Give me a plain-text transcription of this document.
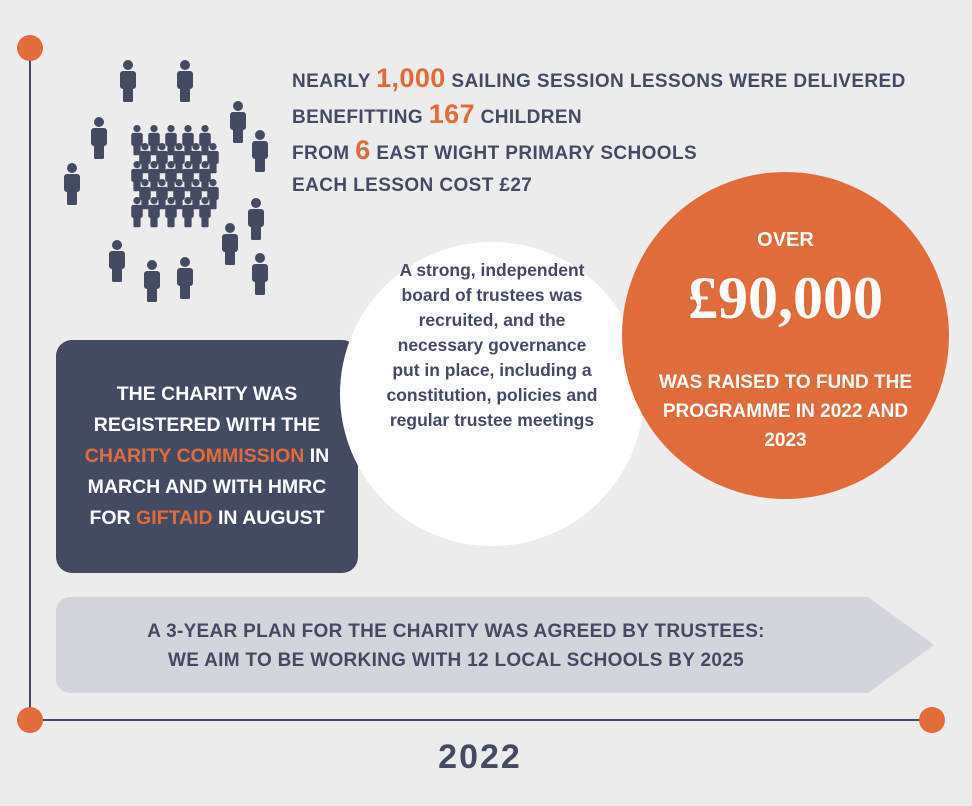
NEARLY 1,000 SAILING SESSION LESSONS WERE DELIVERED
BENEFITTING 167 CHILDREN
FROM 6 EAST WIGHT PRIMARY SCHOOLS
EACH LESSON COST £27
THE CHARITY WAS REGISTERED WITH THE CHARITY COMMISSION IN MARCH AND WITH HMRC FOR GIFTAID IN AUGUST
A strong, independent board of trustees was recruited, and the necessary governance put in place, including a constitution, policies and regular trustee meetings
OVER
£90,000
WAS RAISED TO FUND THE PROGRAMME IN 2022 AND 2023
A 3-YEAR PLAN FOR THE CHARITY WAS AGREED BY TRUSTEES:
WE AIM TO BE WORKING WITH 12 LOCAL SCHOOLS BY 2025
2022
